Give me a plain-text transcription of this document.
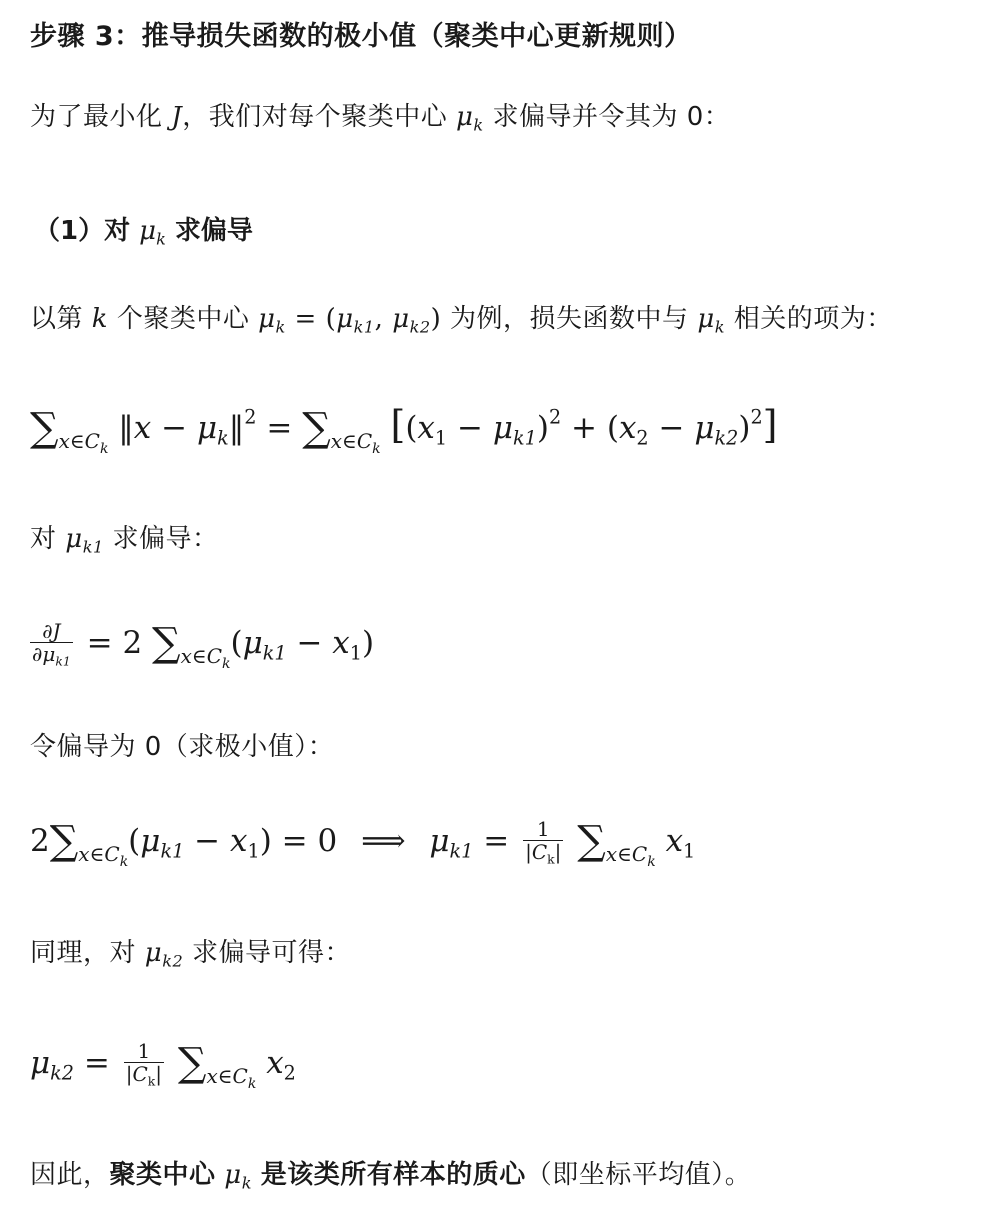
步骤 3：推导损失函数的极小值（聚类中心更新规则）
为了最小化 J，我们对每个聚类中心 $\mu_k$ 求偏导并令其为 0：
（1）对 $\mu_k$ 求偏导
以第 k 个聚类中心 $\mu_k = (\mu_{k1}$, $\mu_{k2}$) 为例，损失函数中与 $\mu_k$ 相关的项为：
$\sum_{x\in C_k}$ ‖x − $\mu_k‖^2 = \sum_{x\in C_k}$ $[(x_1 - \mu_{k1})^2 + (x_2 - \mu_{k2})^2]$
对 $\mu_{k1}$ 求偏导：
$\frac{\partial J}{\partial\mu_{k1}} = 2$ $\sum_{x\in C_k}(\mu_{k1} - x_1)$
令偏导为 0（求极小值）：
$2\sum_{x\in C_k}(\mu_{k1} - x_1) = 0$ ⟹ $\mu_{k1} = \frac{1}{|C_k|} \sum_{x\in C_k}$ $x_1$
同理，对 $\mu_{k2}$ 求偏导可得：
$\mu_{k2} = \frac{1}{|C_k|} \sum_{x\in C_k}$ $x_2$
因此，聚类中心 $\mu_k$ 是该类所有样本的质心（即坐标平均值）。
